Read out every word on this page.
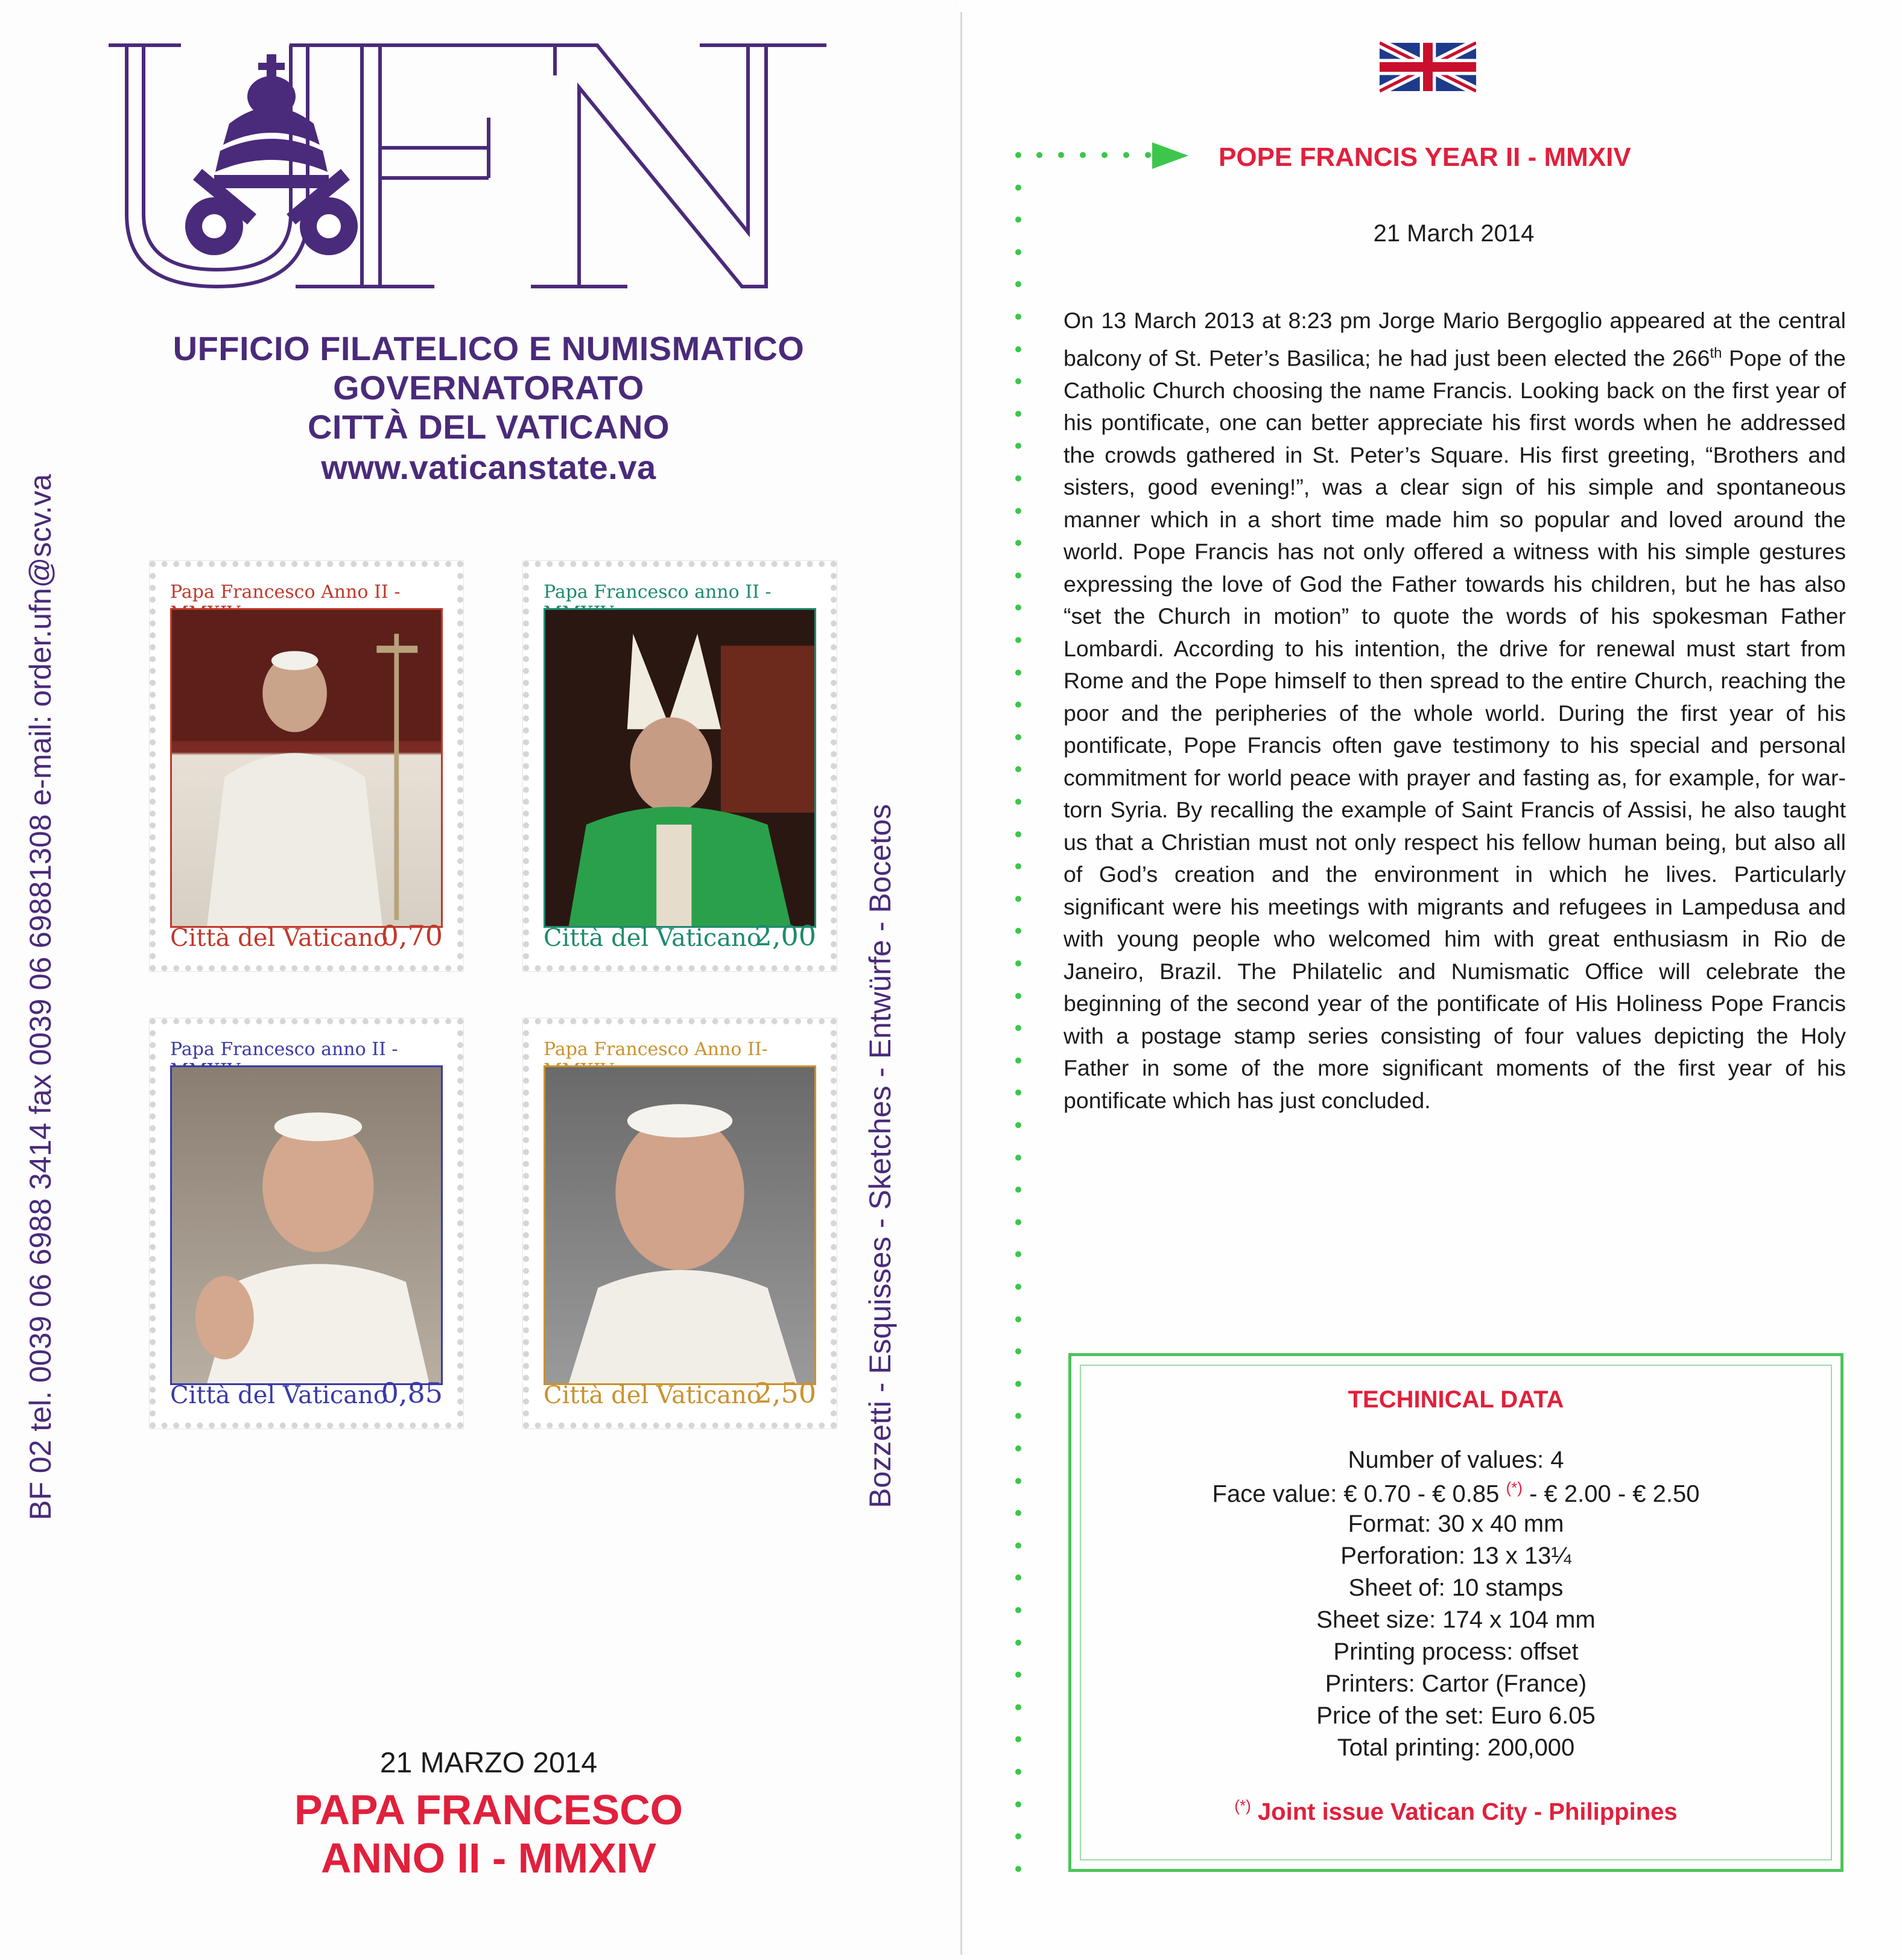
UFFICIO FILATELICO E NUMISMATICO
GOVERNATORATO
CITTÀ DEL VATICANO
www.vaticanstate.va
BF 02 tel. 0039 06 6988 3414 fax 0039 06 69881308 e-mail: order.ufn@scv.va	Bozzetti - Esquisses - Sketches - Entwürfe - Bocetos
Papa Francesco Anno II -
Città del Vaticano
0,70
Papa Francesco anno II -
Città del Vaticano
2,00
Papa Francesco anno II -
Città del Vaticano
0,85
Papa Francesco Anno II-
Città del Vaticano
2,50
21 MARZO 2014
PAPA FRANCESCO
ANNO II - MMXIV
POPE FRANCIS YEAR II - MMXIV
21 March 2014
On 13 March 2013 at 8:23 pm Jorge Mario Bergoglio appeared at the central balcony of St. Peter’s Basilica; he had just been elected the 266th Pope of the Catholic Church choosing the name Francis. Looking back on the first year of his pontificate, one can better appreciate his first words when he addressed the crowds gathered in St. Peter’s Square. His first greeting, “Brothers and sisters, good evening!”, was a clear sign of his simple and spontaneous manner which in a short time made him so popular and loved around the world. Pope Francis has not only offered a witness with his simple gestures expressing the love of God the Father towards his children, but he has also “set the Church in motion” to quote the words of his spokesman Father Lombardi. According to his intention, the drive for renewal must start from Rome and the Pope himself to then spread to the entire Church, reaching the poor and the peripheries of the whole world. During the first year of his pontificate, Pope Francis often gave testimony to his special and personal commitment for world peace with prayer and fasting as, for example, for war-torn Syria. By recalling the example of Saint Francis of Assisi, he also taught us that a Christian must not only respect his fellow human being, but also all of God’s creation and the environment in which he lives. Particularly significant were his meetings with migrants and refugees in Lampedusa and with young people who welcomed him with great enthusiasm in Rio de Janeiro, Brazil. The Philatelic and Numismatic Office will celebrate the beginning of the second year of the pontificate of His Holiness Pope Francis with a postage stamp series consisting of four values depicting the Holy Father in some of the more significant moments of the first year of his pontificate which has just concluded.
TECHINICAL DATA
Number of values: 4
Face value: € 0.70 - € 0.85 (*) - € 2.00 - € 2.50
Format: 30 x 40 mm
Perforation: 13 x 13¼
Sheet of: 10 stamps
Sheet size: 174 x 104 mm
Printing process: offset
Printers: Cartor (France)
Price of the set: Euro 6.05
Total printing: 200,000
(*) Joint issue Vatican City - Philippines
